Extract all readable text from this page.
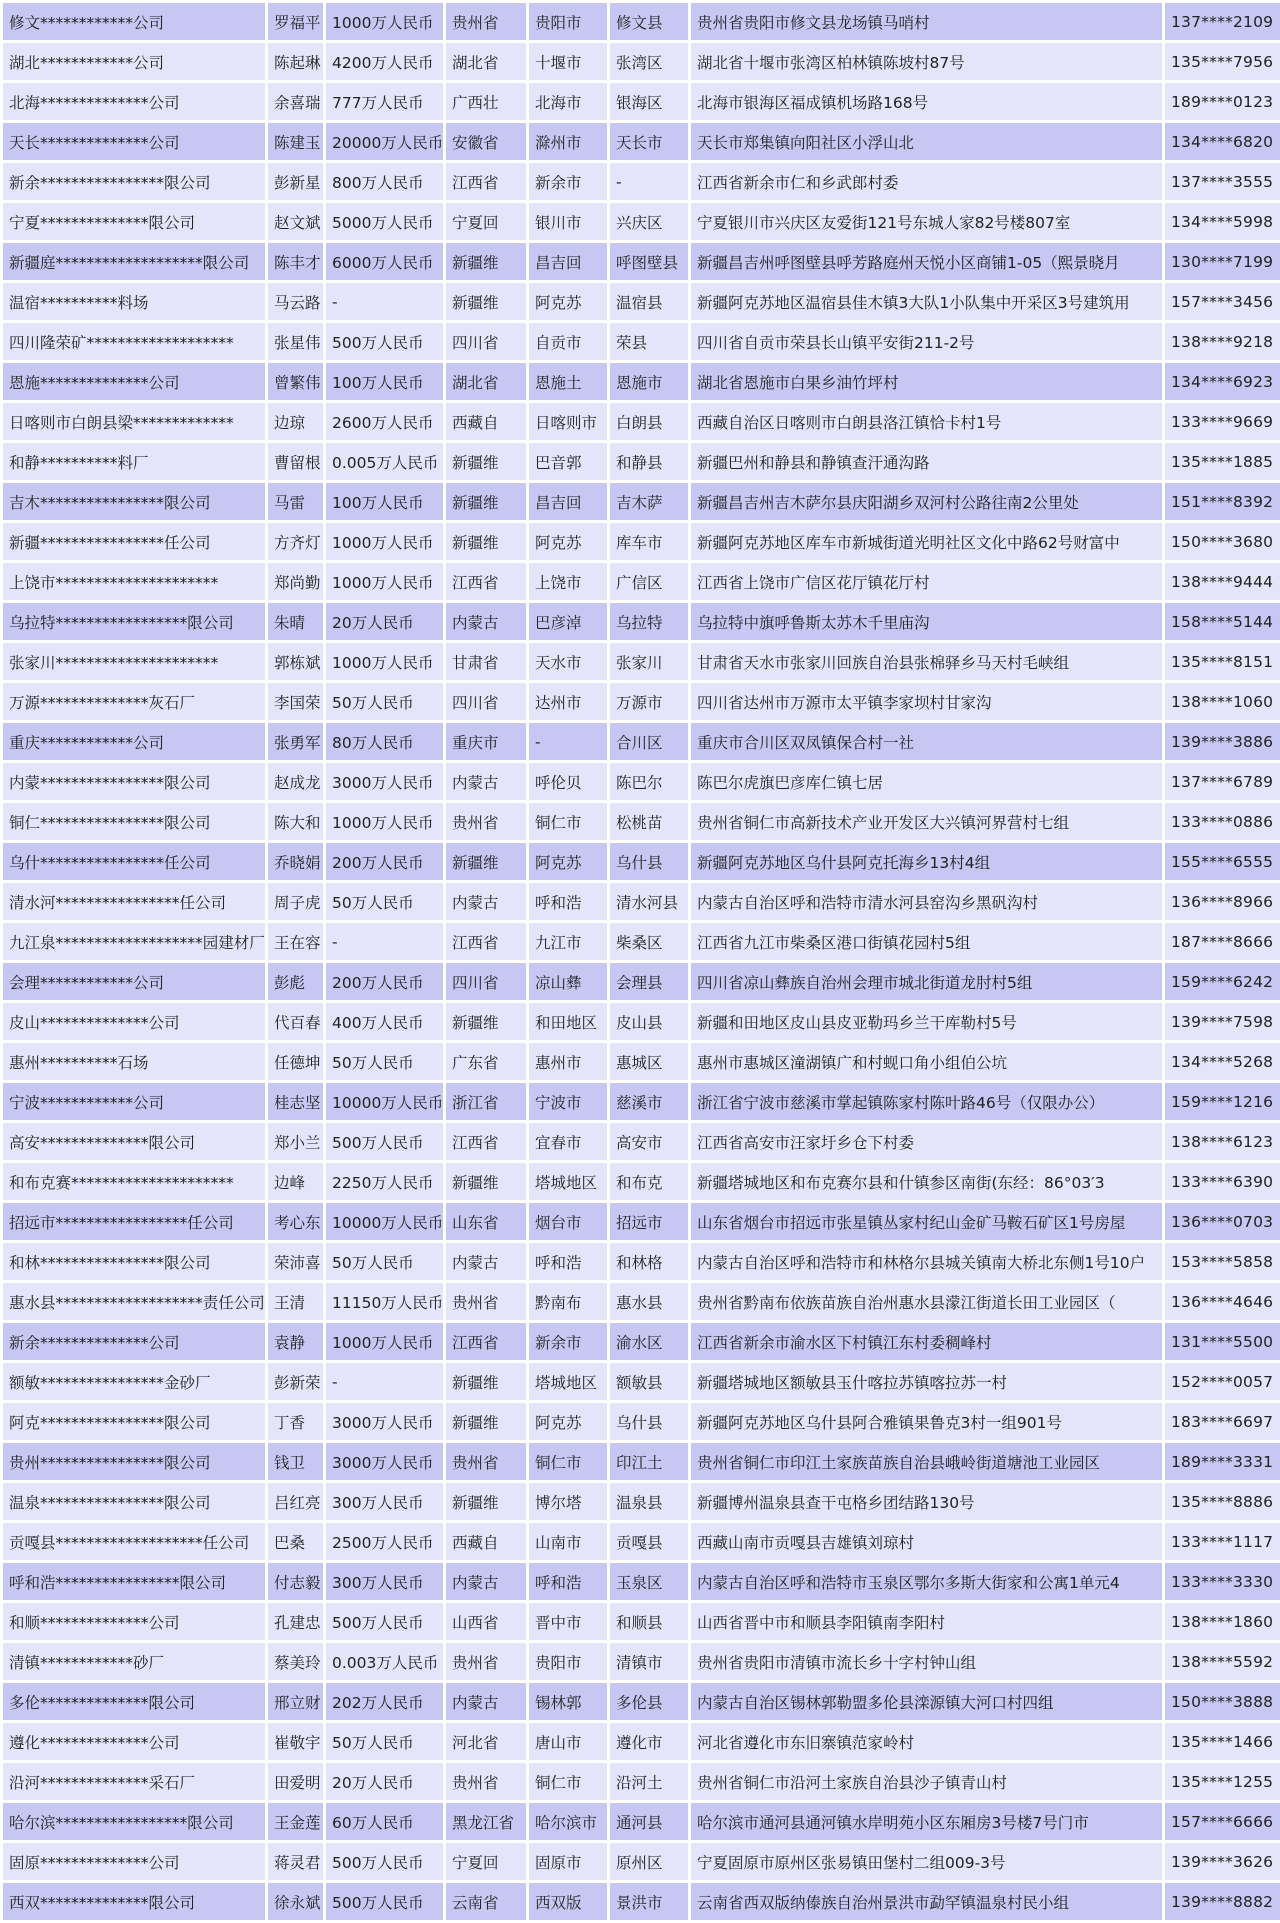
修文************公司	罗福平	1000万人民币	贵州省	贵阳市	修文县	贵州省贵阳市修文县龙场镇马哨村	137****2109
湖北************公司	陈起琳	4200万人民币	湖北省	十堰市	张湾区	湖北省十堰市张湾区柏林镇陈坡村87号	135****7956
北海**************公司	余喜瑞	777万人民币	广西壮	北海市	银海区	北海市银海区福成镇机场路168号	189****0123
天长**************公司	陈建玉	20000万人民币	安徽省	滁州市	天长市	天长市郑集镇向阳社区小浮山北	134****6820
新余****************限公司	彭新星	800万人民币	江西省	新余市	-	江西省新余市仁和乡武郎村委	137****3555
宁夏**************限公司	赵文斌	5000万人民币	宁夏回	银川市	兴庆区	宁夏银川市兴庆区友爱街121号东城人家82号楼807室	134****5998
新疆庭*******************限公司	陈丰才	6000万人民币	新疆维	昌吉回	呼图壁县	新疆昌吉州呼图壁县呼芳路庭州天悦小区商铺1-05（熙景晓月	130****7199
温宿**********料场	马云路	-	新疆维	阿克苏	温宿县	新疆阿克苏地区温宿县佳木镇3大队1小队集中开采区3号建筑用	157****3456
四川隆荣矿*******************	张星伟	500万人民币	四川省	自贡市	荣县	四川省自贡市荣县长山镇平安街211-2号	138****9218
恩施**************公司	曾繁伟	100万人民币	湖北省	恩施土	恩施市	湖北省恩施市白果乡油竹坪村	134****6923
日喀则市白朗县梁*************	边琼	2600万人民币	西藏自	日喀则市	白朗县	西藏自治区日喀则市白朗县洛江镇恰卡村1号	133****9669
和静**********料厂	曹留根	0.005万人民币	新疆维	巴音郭	和静县	新疆巴州和静县和静镇查汗通沟路	135****1885
吉木****************限公司	马雷	100万人民币	新疆维	昌吉回	吉木萨	新疆昌吉州吉木萨尔县庆阳湖乡双河村公路往南2公里处	151****8392
新疆****************任公司	方齐灯	1000万人民币	新疆维	阿克苏	库车市	新疆阿克苏地区库车市新城街道光明社区文化中路62号财富中	150****3680
上饶市*********************	郑尚勤	1000万人民币	江西省	上饶市	广信区	江西省上饶市广信区花厅镇花厅村	138****9444
乌拉特*****************限公司	朱晴	20万人民币	内蒙古	巴彦淖	乌拉特	乌拉特中旗呼鲁斯太苏木千里庙沟	158****5144
张家川*********************	郭栋斌	1000万人民币	甘肃省	天水市	张家川	甘肃省天水市张家川回族自治县张棉驿乡马天村毛峡组	135****8151
万源**************灰石厂	李国荣	50万人民币	四川省	达州市	万源市	四川省达州市万源市太平镇李家坝村甘家沟	138****1060
重庆************公司	张勇军	80万人民币	重庆市	-	合川区	重庆市合川区双凤镇保合村一社	139****3886
内蒙****************限公司	赵成龙	3000万人民币	内蒙古	呼伦贝	陈巴尔	陈巴尔虎旗巴彦库仁镇七居	137****6789
铜仁****************限公司	陈大和	1000万人民币	贵州省	铜仁市	松桃苗	贵州省铜仁市高新技术产业开发区大兴镇河界营村七组	133****0886
乌什****************任公司	乔晓娟	200万人民币	新疆维	阿克苏	乌什县	新疆阿克苏地区乌什县阿克托海乡13村4组	155****6555
清水河****************任公司	周子虎	50万人民币	内蒙古	呼和浩	清水河县	内蒙古自治区呼和浩特市清水河县窑沟乡黑矾沟村	136****8966
九江泉*******************园建材厂	王在容	-	江西省	九江市	柴桑区	江西省九江市柴桑区港口街镇花园村5组	187****8666
会理************公司	彭彪	200万人民币	四川省	凉山彝	会理县	四川省凉山彝族自治州会理市城北街道龙肘村5组	159****6242
皮山**************公司	代百春	400万人民币	新疆维	和田地区	皮山县	新疆和田地区皮山县皮亚勒玛乡兰干库勒村5号	139****7598
惠州**********石场	任德坤	50万人民币	广东省	惠州市	惠城区	惠州市惠城区潼湖镇广和村蚬口角小组伯公坑	134****5268
宁波************公司	桂志坚	10000万人民币	浙江省	宁波市	慈溪市	浙江省宁波市慈溪市掌起镇陈家村陈叶路46号（仅限办公）	159****1216
高安**************限公司	郑小兰	500万人民币	江西省	宜春市	高安市	江西省高安市汪家圩乡仓下村委	138****6123
和布克赛*********************	边峰	2250万人民币	新疆维	塔城地区	和布克	新疆塔城地区和布克赛尔县和什镇参区南街(东经：86°03′3	133****6390
招远市*****************任公司	考心东	10000万人民币	山东省	烟台市	招远市	山东省烟台市招远市张星镇丛家村纪山金矿马鞍石矿区1号房屋	136****0703
和林****************限公司	荣沛喜	50万人民币	内蒙古	呼和浩	和林格	内蒙古自治区呼和浩特市和林格尔县城关镇南大桥北东侧1号10户	153****5858
惠水县*******************责任公司	王清	11150万人民币	贵州省	黔南布	惠水县	贵州省黔南布依族苗族自治州惠水县濛江街道长田工业园区（	136****4646
新余**************公司	袁静	1000万人民币	江西省	新余市	渝水区	江西省新余市渝水区下村镇江东村委稠峰村	131****5500
额敏****************金砂厂	彭新荣	-	新疆维	塔城地区	额敏县	新疆塔城地区额敏县玉什喀拉苏镇喀拉苏一村	152****0057
阿克****************限公司	丁香	3000万人民币	新疆维	阿克苏	乌什县	新疆阿克苏地区乌什县阿合雅镇果鲁克3村一组901号	183****6697
贵州****************限公司	钱卫	3000万人民币	贵州省	铜仁市	印江土	贵州省铜仁市印江土家族苗族自治县峨岭街道塘池工业园区	189****3331
温泉****************限公司	吕红亮	300万人民币	新疆维	博尔塔	温泉县	新疆博州温泉县查干屯格乡团结路130号	135****8886
贡嘎县*******************任公司	巴桑	2500万人民币	西藏自	山南市	贡嘎县	西藏山南市贡嘎县吉雄镇刘琼村	133****1117
呼和浩****************限公司	付志毅	300万人民币	内蒙古	呼和浩	玉泉区	内蒙古自治区呼和浩特市玉泉区鄂尔多斯大街家和公寓1单元4	133****3330
和顺**************公司	孔建忠	500万人民币	山西省	晋中市	和顺县	山西省晋中市和顺县李阳镇南李阳村	138****1860
清镇************砂厂	蔡美玲	0.003万人民币	贵州省	贵阳市	清镇市	贵州省贵阳市清镇市流长乡十字村钟山组	138****5592
多伦**************限公司	邢立财	202万人民币	内蒙古	锡林郭	多伦县	内蒙古自治区锡林郭勒盟多伦县滦源镇大河口村四组	150****3888
遵化**************公司	崔敬宇	50万人民币	河北省	唐山市	遵化市	河北省遵化市东旧寨镇范家岭村	135****1466
沿河**************采石厂	田爱明	20万人民币	贵州省	铜仁市	沿河土	贵州省铜仁市沿河土家族自治县沙子镇青山村	135****1255
哈尔滨*****************限公司	王金莲	60万人民币	黑龙江省	哈尔滨市	通河县	哈尔滨市通河县通河镇水岸明苑小区东厢房3号楼7号门市	157****6666
固原**************公司	蒋灵君	500万人民币	宁夏回	固原市	原州区	宁夏固原市原州区张易镇田堡村二组009-3号	139****3626
西双**************限公司	徐永斌	500万人民币	云南省	西双版	景洪市	云南省西双版纳傣族自治州景洪市勐罕镇温泉村民小组	139****8882
